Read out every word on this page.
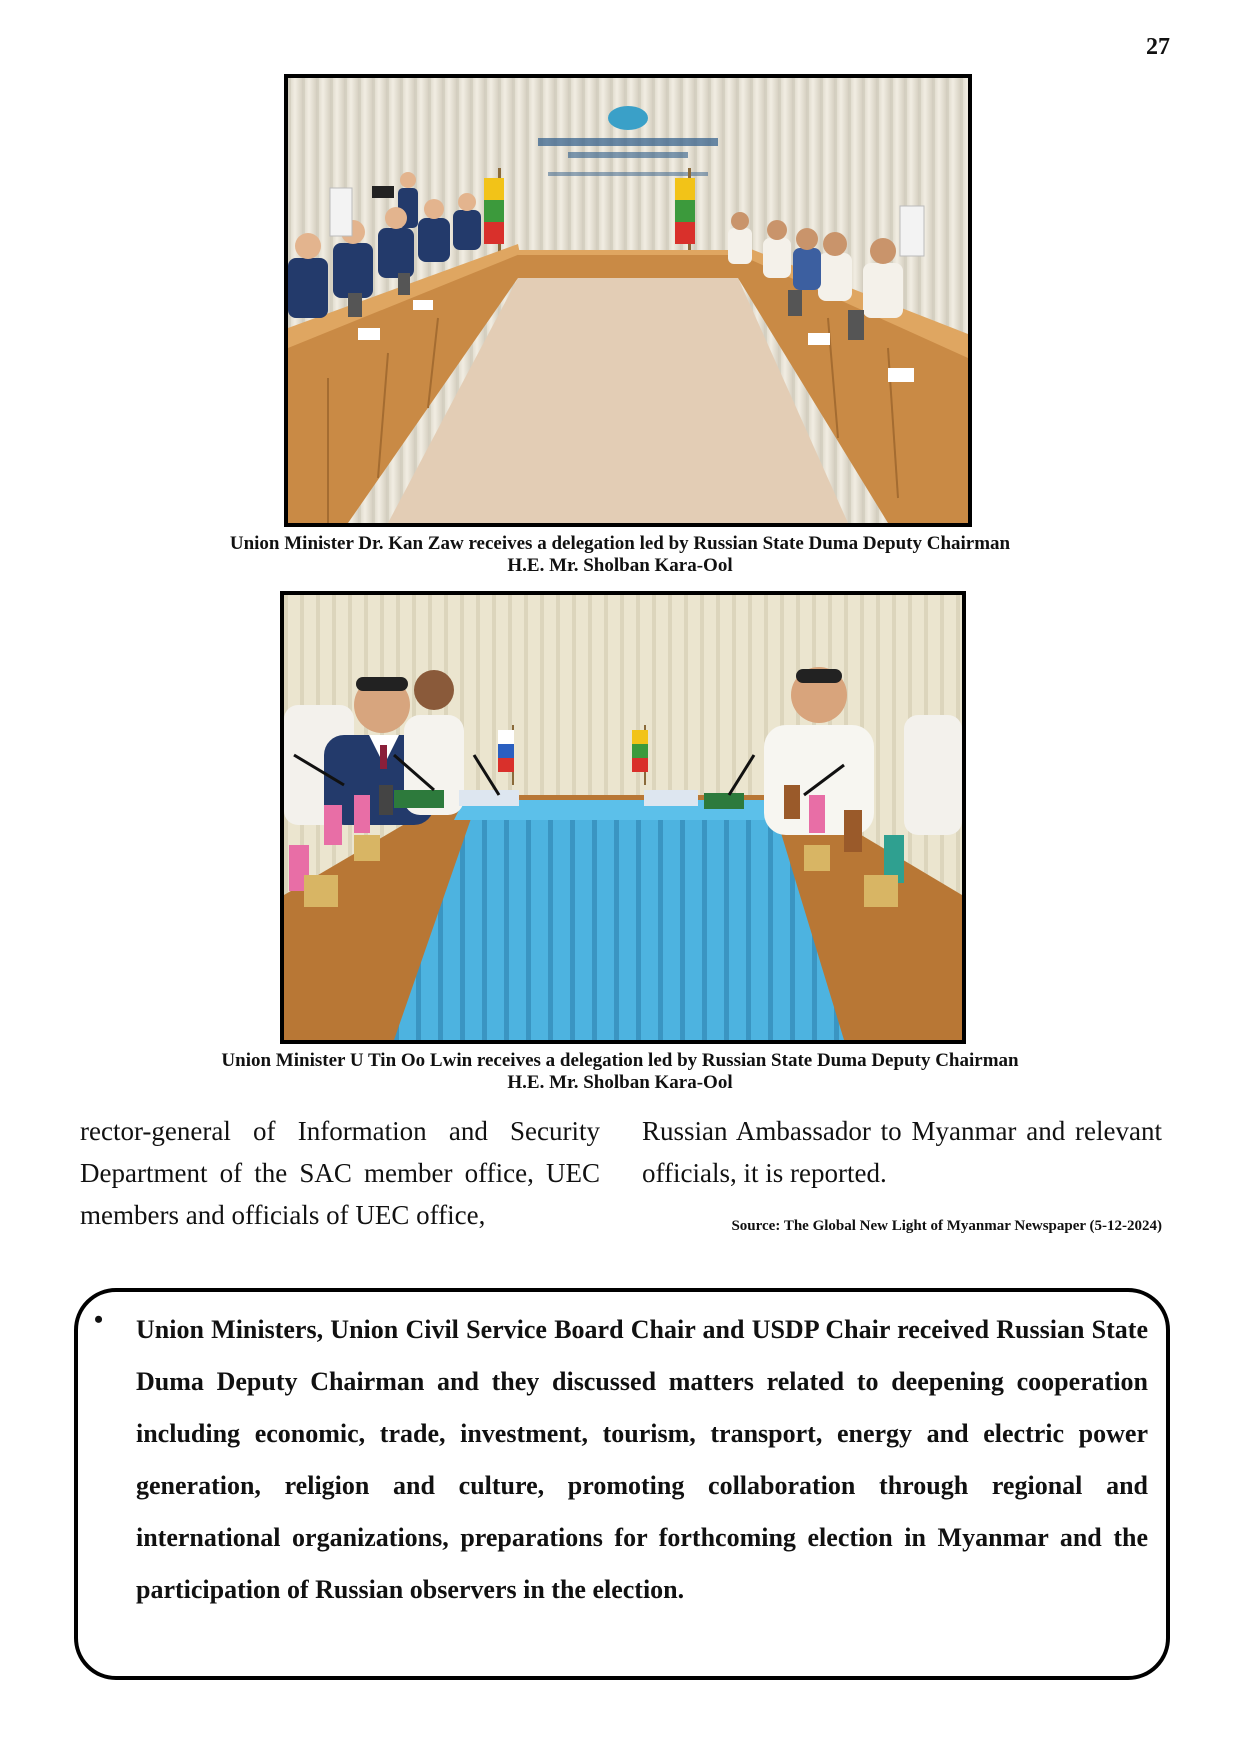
27
Union Minister Dr. Kan Zaw receives a delegation led by Russian State Duma Deputy Chairman
H.E. Mr. Sholban Kara-Ool
Union Minister U Tin Oo Lwin receives a delegation led by Russian State Duma Deputy Chairman
H.E. Mr. Sholban Kara-Ool
rector-general of Information and Security Department of the SAC member office, UEC members and officials of UEC office,
Russian Ambassador to Myanmar and relevant officials, it is reported.
Source: The Global New Light of Myanmar Newspaper (5-12-2024)
• Union Ministers, Union Civil Service Board Chair and USDP Chair received Russian State Duma Deputy Chairman and they discussed matters related to deepening cooperation including economic, trade, investment, tourism, transport, energy and electric power generation, religion and culture, promoting collaboration through regional and international organizations, preparations for forthcoming election in Myanmar and the participation of Russian observers in the election.
